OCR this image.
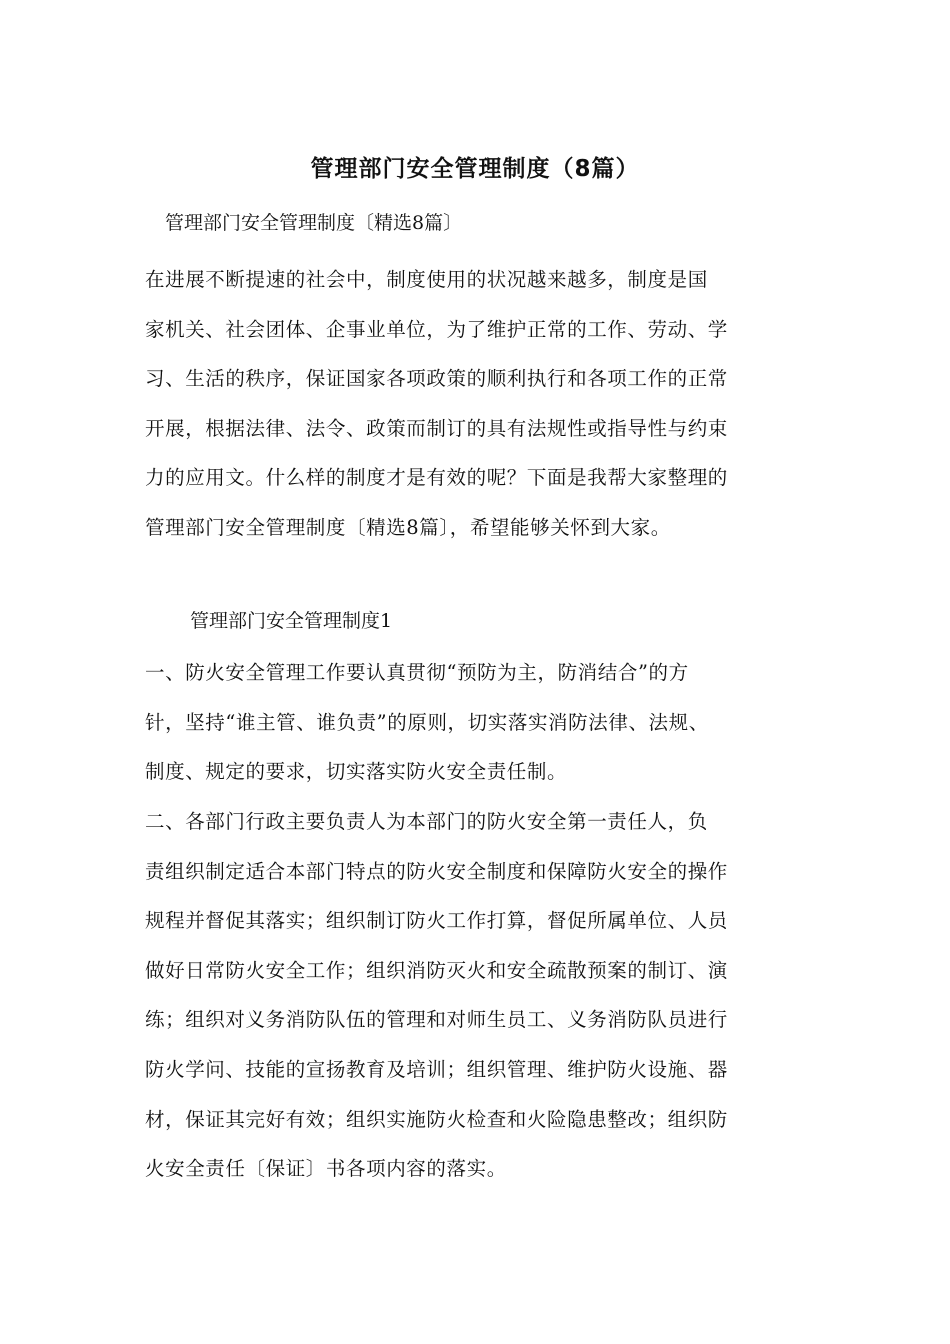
管理部门安全管理制度（8篇）
管理部门安全管理制度〔精选8篇〕

在进展不断提速的社会中，制度使用的状况越来越多，制度是国
家机关、社会团体、企事业单位，为了维护正常的工作、劳动、学
习、生活的秩序，保证国家各项政策的顺利执行和各项工作的正常
开展，根据法律、法令、政策而制订的具有法规性或指导性与约束
力的应用文。什么样的制度才是有效的呢？下面是我帮大家整理的
管理部门安全管理制度〔精选8篇〕，希望能够关怀到大家。

管理部门安全管理制度1

一、防火安全管理工作要认真贯彻“预防为主，防消结合”的方
针，坚持“谁主管、谁负责”的原则，切实落实消防法律、法规、
制度、规定的要求，切实落实防火安全责任制。

二、各部门行政主要负责人为本部门的防火安全第一责任人，负
责组织制定适合本部门特点的防火安全制度和保障防火安全的操作
规程并督促其落实；组织制订防火工作打算，督促所属单位、人员
做好日常防火安全工作；组织消防灭火和安全疏散预案的制订、演
练；组织对义务消防队伍的管理和对师生员工、义务消防队员进行
防火学问、技能的宣扬教育及培训；组织管理、维护防火设施、器
材，保证其完好有效；组织实施防火检查和火险隐患整改；组织防
火安全责任〔保证〕书各项内容的落实。
